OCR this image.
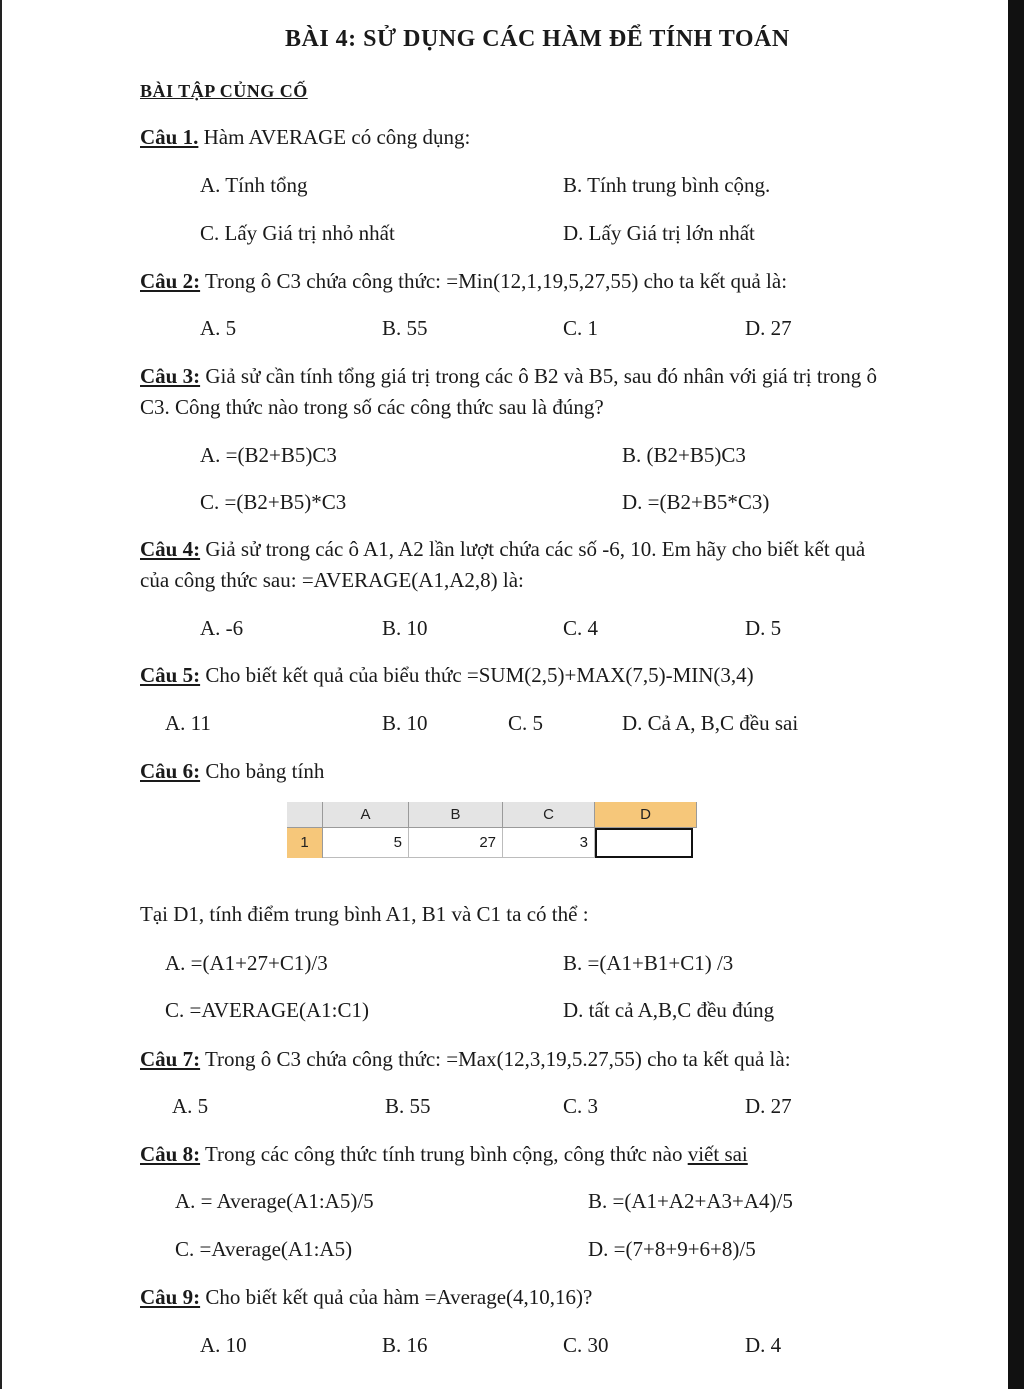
BÀI 4: SỬ DỤNG CÁC HÀM ĐỂ TÍNH TOÁN
BÀI TẬP CỦNG CỐ
Câu 1. Hàm AVERAGE có công dụng:
A. Tính tổng	B. Tính trung bình cộng.
C. Lấy Giá trị nhỏ nhất	D. Lấy Giá trị lớn nhất
Câu 2: Trong ô C3 chứa công thức: =Min(12,1,19,5,27,55) cho ta kết quả là:
A. 5	B. 55	C. 1	D. 27
Câu 3: Giả sử cần tính tổng giá trị trong các ô B2 và B5, sau đó nhân với giá trị trong ô
C3. Công thức nào trong số các công thức sau là đúng?
A. =(B2+B5)C3	B. (B2+B5)C3
C. =(B2+B5)*C3	D. =(B2+B5*C3)
Câu 4: Giả sử trong các ô A1, A2 lần lượt chứa các số -6, 10. Em hãy cho biết kết quả
của công thức sau: =AVERAGE(A1,A2,8) là:
A. -6	B. 10	C. 4	D. 5
Câu 5: Cho biết kết quả của biểu thức =SUM(2,5)+MAX(7,5)-MIN(3,4)
A. 11	B. 10	C. 5	D. Cả A, B,C đều sai
Câu 6: Cho bảng tính
A	B	C	D
1	5	27	3
Tại D1, tính điểm trung bình A1, B1 và C1 ta có thể :
A. =(A1+27+C1)/3	B. =(A1+B1+C1) /3
C. =AVERAGE(A1:C1)	D. tất cả A,B,C đều đúng
Câu 7: Trong ô C3 chứa công thức: =Max(12,3,19,5.27,55) cho ta kết quả là:
A. 5	B. 55	C. 3	D. 27
Câu 8: Trong các công thức tính trung bình cộng, công thức nào viết sai
A. = Average(A1:A5)/5	B. =(A1+A2+A3+A4)/5
C. =Average(A1:A5)	D. =(7+8+9+6+8)/5
Câu 9: Cho biết kết quả của hàm =Average(4,10,16)?
A. 10	B. 16	C. 30	D. 4
